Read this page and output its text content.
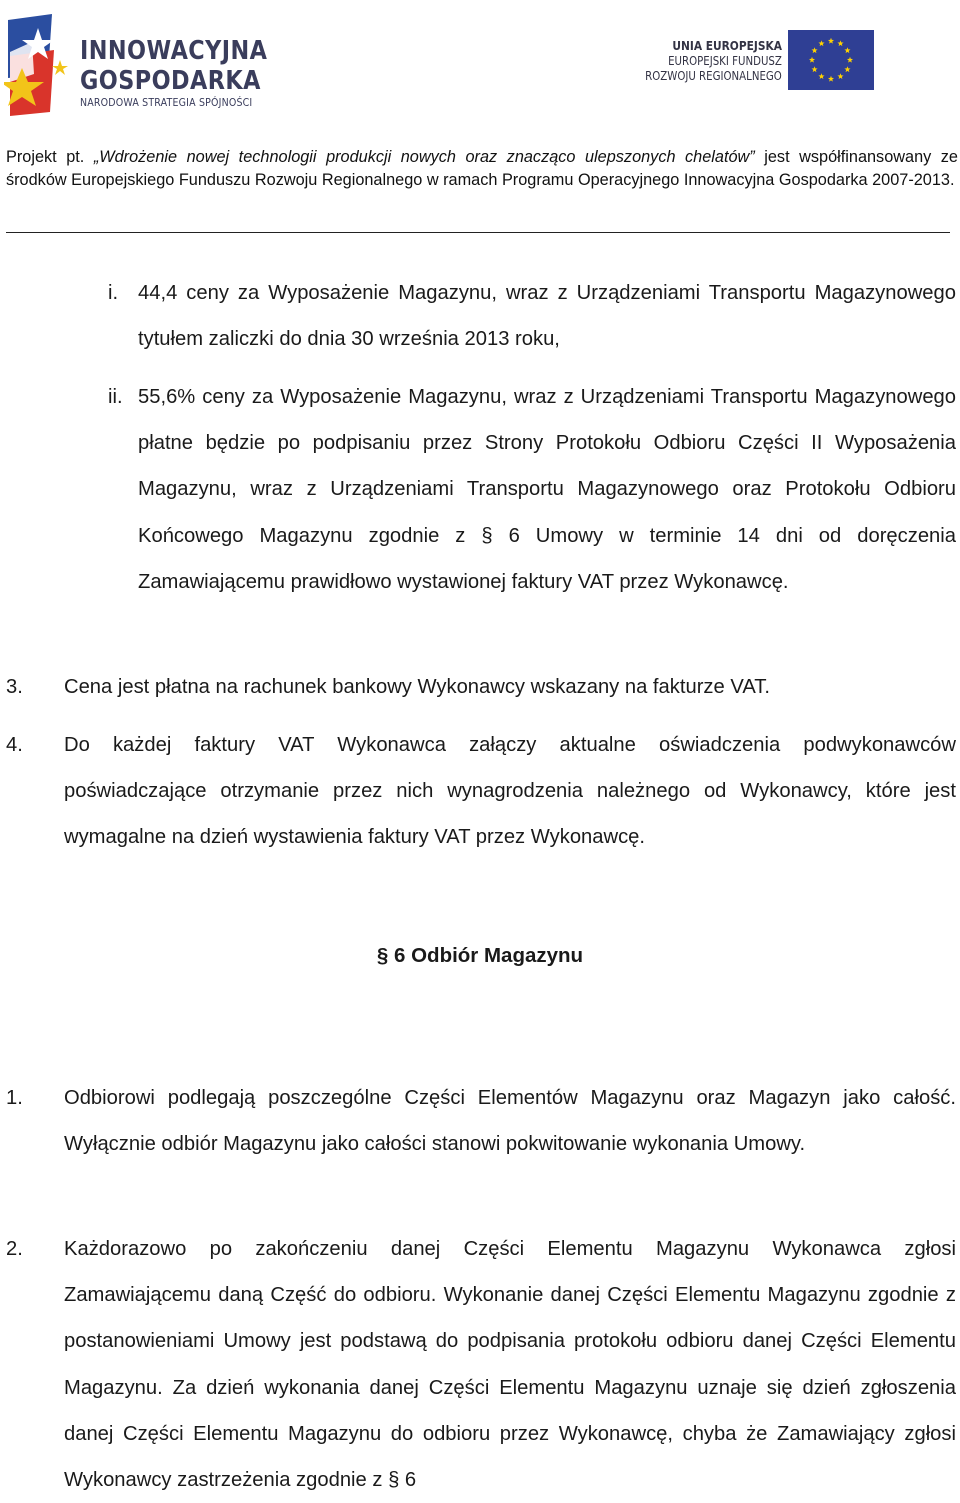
INNOWACYJNA
GOSPODARKA
NARODOWA STRATEGIA SPÓJNOŚCI
UNIA EUROPEJSKA
EUROPEJSKI FUNDUSZ
ROZWOJU REGIONALNEGO
Projekt pt. „Wdrożenie nowej technologii produkcji nowych oraz znacząco ulepszonych chelatów” jest współfinansowany ze środków Europejskiego Funduszu Rozwoju Regionalnego w ramach Programu Operacyjnego Innowacyjna Gospodarka 2007-2013.
i. 44,4 ceny za Wyposażenie Magazynu, wraz z Urządzeniami Transportu Magazynowego tytułem zaliczki do dnia 30 września 2013 roku,
ii. 55,6% ceny za Wyposażenie Magazynu, wraz z Urządzeniami Transportu Magazynowego płatne będzie po podpisaniu przez Strony Protokołu Odbioru Części II Wyposażenia Magazynu, wraz z Urządzeniami Transportu Magazynowego oraz Protokołu Odbioru Końcowego Magazynu zgodnie z § 6 Umowy w terminie 14 dni od doręczenia Zamawiającemu prawidłowo wystawionej faktury VAT przez Wykonawcę.
3. Cena jest płatna na rachunek bankowy Wykonawcy wskazany na fakturze VAT.
4. Do każdej faktury VAT Wykonawca załączy aktualne oświadczenia podwykonawców poświadczające otrzymanie przez nich wynagrodzenia należnego od Wykonawcy, które jest wymagalne na dzień wystawienia faktury VAT przez Wykonawcę.
§ 6 Odbiór Magazynu
1. Odbiorowi podlegają poszczególne Części Elementów Magazynu oraz Magazyn jako całość. Wyłącznie odbiór Magazynu jako całości stanowi pokwitowanie wykonania Umowy.
2. Każdorazowo po zakończeniu danej Części Elementu Magazynu Wykonawca zgłosi Zamawiającemu daną Część do odbioru. Wykonanie danej Części Elementu Magazynu zgodnie z postanowieniami Umowy jest podstawą do podpisania protokołu odbioru danej Części Elementu Magazynu. Za dzień wykonania danej Części Elementu Magazynu uznaje się dzień zgłoszenia danej Części Elementu Magazynu do odbioru przez Wykonawcę, chyba że Zamawiający zgłosi Wykonawcy zastrzeżenia zgodnie z § 6
